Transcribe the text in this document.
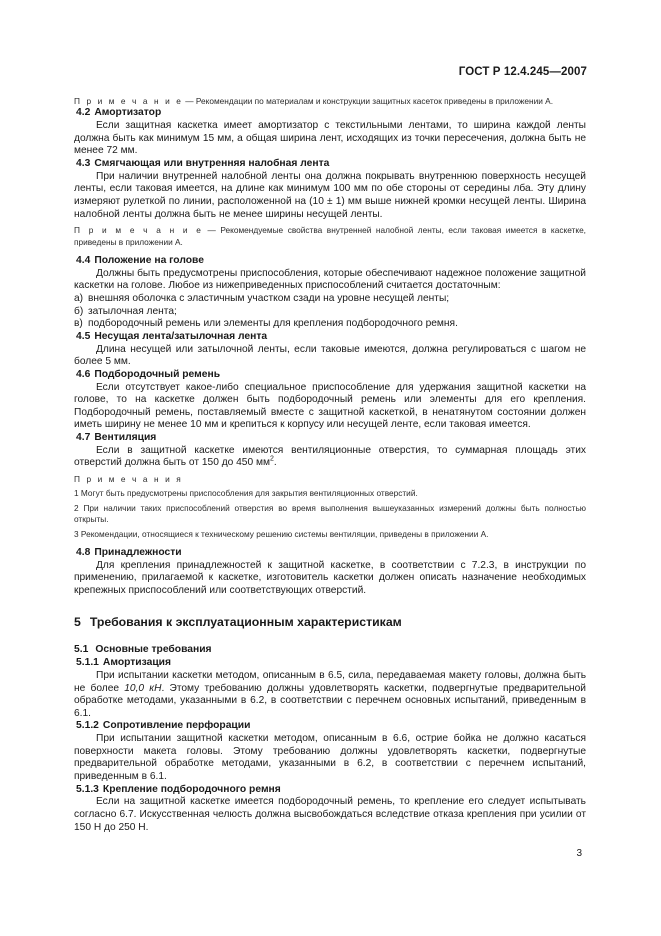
ГОСТ Р 12.4.245—2007

П р и м е ч а н и е — Рекомендации по материалам и конструкции защитных касеток приведены в приложении А.

4.2 Амортизатор

Если защитная каскетка имеет амортизатор с текстильными лентами, то ширина каждой ленты должна быть как минимум 15 мм, а общая ширина лент, исходящих из точки пересечения, должна быть не менее 72 мм.

4.3 Смягчающая или внутренняя налобная лента

При наличии внутренней налобной ленты она должна покрывать внутреннюю поверхность несущей ленты, если таковая имеется, на длине как минимум 100 мм по обе стороны от середины лба. Эту длину измеряют рулеткой по линии, расположенной на (10 ± 1) мм выше нижней кромки несущей ленты. Ширина налобной ленты должна быть не менее ширины несущей ленты.

П р и м е ч а н и е — Рекомендуемые свойства внутренней налобной ленты, если таковая имеется в каскетке, приведены в приложении А.

4.4 Положение на голове

Должны быть предусмотрены приспособления, которые обеспечивают надежное положение защитной каскетки на голове. Любое из нижеприведенных приспособлений считается достаточным:

а) внешняя оболочка с эластичным участком сзади на уровне несущей ленты;
б) затылочная лента;
в) подбородочный ремень или элементы для крепления подбородочного ремня.
4.5 Несущая лента/затылочная лента

Длина несущей или затылочной ленты, если таковые имеются, должна регулироваться с шагом не более 5 мм.

4.6 Подбородочный ремень

Если отсутствует какое-либо специальное приспособление для удержания защитной каскетки на голове, то на каскетке должен быть подбородочный ремень или элементы для его крепления. Подбородочный ремень, поставляемый вместе с защитной каскеткой, в ненатянутом состоянии должен иметь ширину не менее 10 мм и крепиться к корпусу или несущей ленте, если таковая имеется.

4.7 Вентиляция

Если в защитной каскетке имеются вентиляционные отверстия, то суммарная площадь этих отверстий должна быть от 150 до 450 $мм^2$.

П р и м е ч а н и я

1 Могут быть предусмотрены приспособления для закрытия вентиляционных отверстий.

2 При наличии таких приспособлений отверстия во время выполнения вышеуказанных измерений должны быть полностью открыты.

3 Рекомендации, относящиеся к техническому решению системы вентиляции, приведены в приложении А.

4.8 Принадлежности

Для крепления принадлежностей к защитной каскетке, в соответствии с 7.2.3, в инструкции по применению, прилагаемой к каскетке, изготовитель каскетки должен описать назначение необходимых крепежных приспособлений или соответствующих отверстий.

5 Требования к эксплуатационным характеристикам
5.1 Основные требования
5.1.1 Амортизация

При испытании каскетки методом, описанным в 6.5, сила, передаваемая макету головы, должна быть не более 10,0 кН. Этому требованию должны удовлетворять каскетки, подвергнутые предварительной обработке методами, указанными в 6.2, в соответствии с перечнем основных испытаний, приведенным в 6.1.

5.1.2 Сопротивление перфорации

При испытании защитной каскетки методом, описанным в 6.6, острие бойка не должно касаться поверхности макета головы. Этому требованию должны удовлетворять каскетки, подвергнутые предварительной обработке методами, указанными в 6.2, в соответствии с перечнем испытаний, приведенным в 6.1.

5.1.3 Крепление подбородочного ремня

Если на защитной каскетке имеется подбородочный ремень, то крепление его следует испытывать согласно 6.7. Искусственная челюсть должна высвобождаться вследствие отказа крепления при усилии от 150 Н до 250 Н.

3
